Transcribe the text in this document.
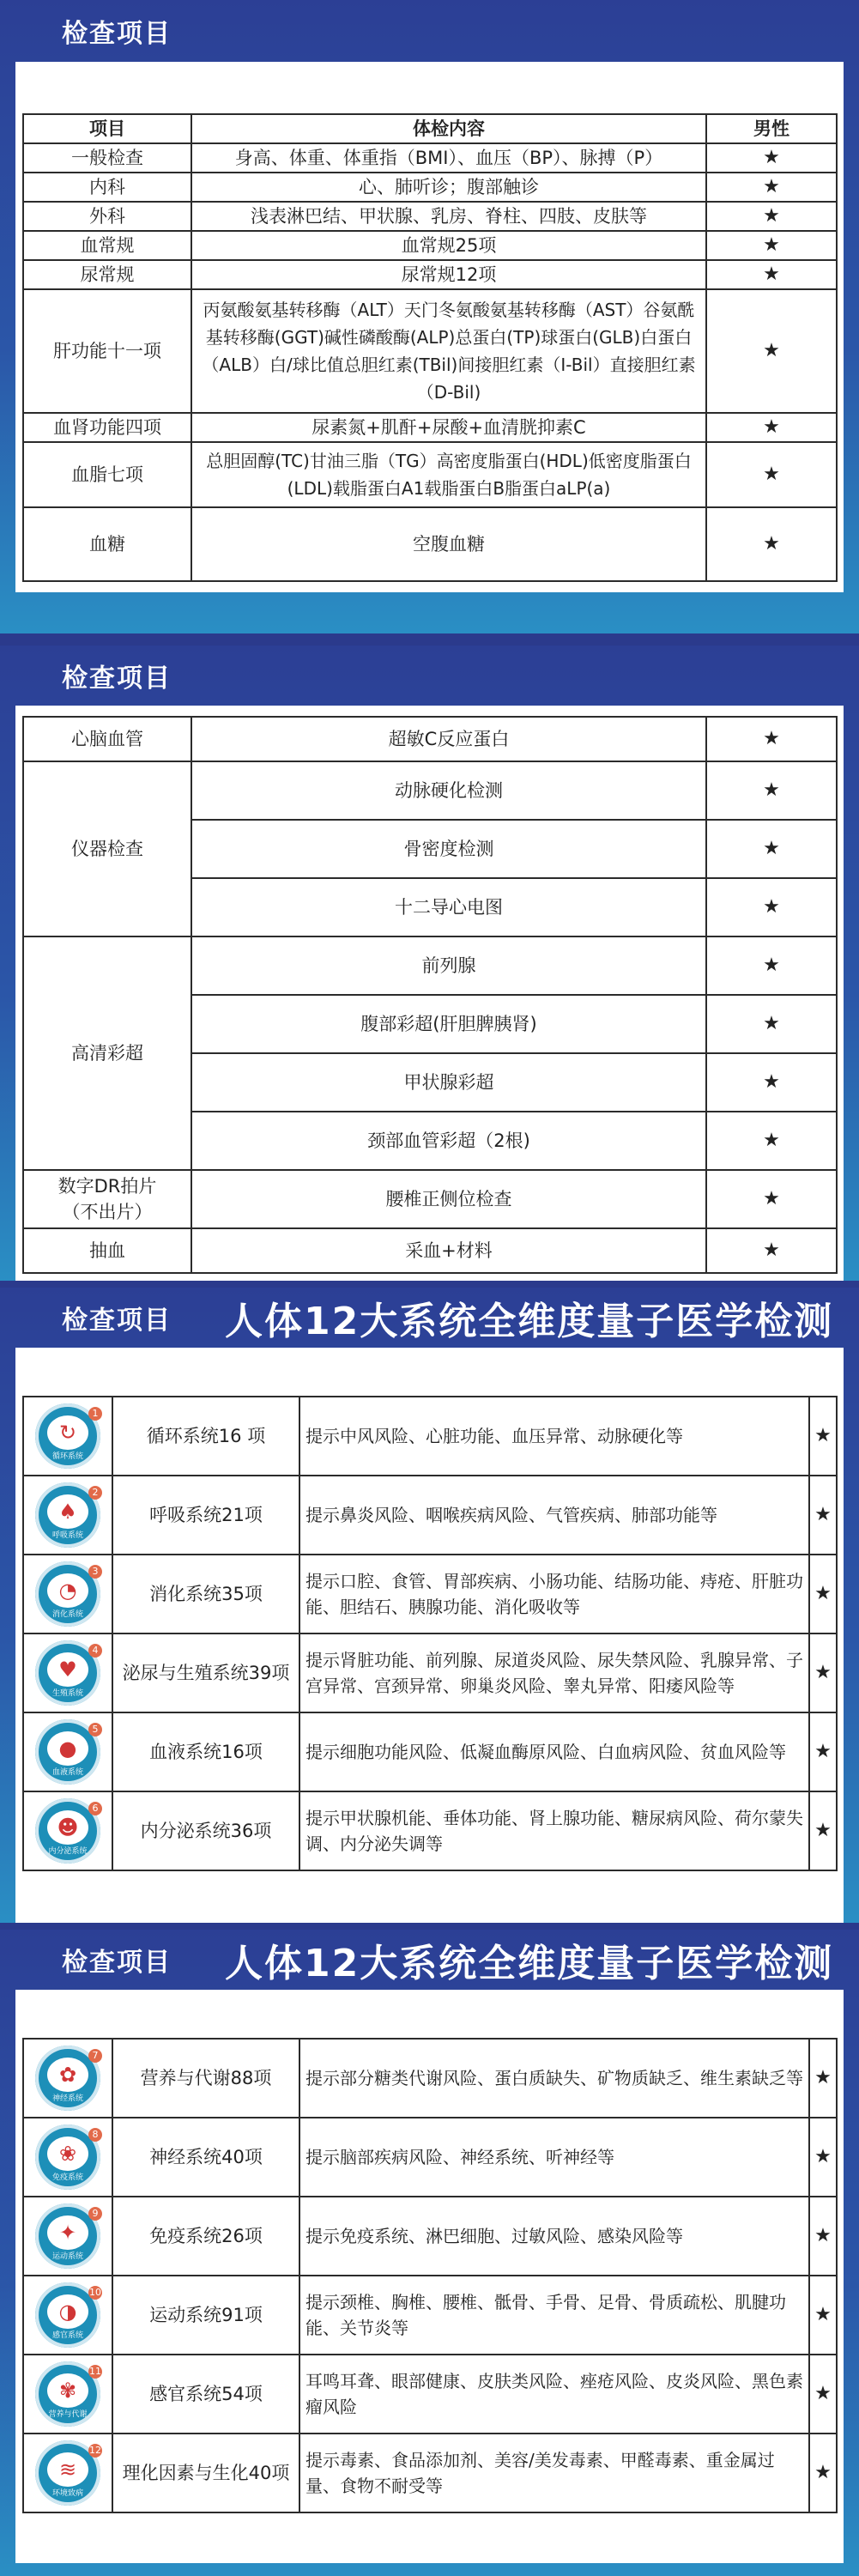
检查项目
项目	体检内容	男性
一般检查	身高、体重、体重指（BMI）、血压（BP）、脉搏（P）	★
内科	心、肺听诊；腹部触诊	★
外科	浅表淋巴结、甲状腺、乳房、脊柱、四肢、皮肤等	★
血常规	血常规25项	★
尿常规	尿常规12项	★
肝功能十一项	丙氨酸氨基转移酶（ALT）天门冬氨酸氨基转移酶（AST）谷氨酰基转移酶(GGT)碱性磷酸酶(ALP)总蛋白(TP)球蛋白(GLB)白蛋白（ALB）白/球比值总胆红素(TBil)间接胆红素（I-Bil）直接胆红素（D-Bil)	★
血肾功能四项	尿素氮+肌酐+尿酸+血清胱抑素C	★
血脂七项	总胆固醇(TC)甘油三脂（TG）高密度脂蛋白(HDL)低密度脂蛋白(LDL)载脂蛋白A1载脂蛋白B脂蛋白aLP(a)	★
血糖	空腹血糖	★
检查项目
心脑血管	超敏C反应蛋白	★
仪器检查	动脉硬化检测	★
	骨密度检测	★
	十二导心电图	★
高清彩超	前列腺	★
	腹部彩超(肝胆脾胰肾)	★
	甲状腺彩超	★
	颈部血管彩超（2根)	★

数字DR拍片
（不出片）	腰椎正侧位检查	★
抽血	采血+材料	★
检查项目 人体12大系统全维度量子医学检测
1
↻
循环系统	循环系统16 项	提示中风风险、心脏功能、血压异常、动脉硬化等	★

2
♠
呼吸系统	呼吸系统21项	提示鼻炎风险、咽喉疾病风险、气管疾病、肺部功能等	★

3
◔
消化系统	消化系统35项	提示口腔、食管、胃部疾病、小肠功能、结肠功能、痔疮、肝脏功能、胆结石、胰腺功能、消化吸收等	★

4
♥
生殖系统	泌尿与生殖系统39项	提示肾脏功能、前列腺、尿道炎风险、尿失禁风险、乳腺异常、子宫异常、宫颈异常、卵巢炎风险、睾丸异常、阳痿风险等	★

5
●
血液系统	血液系统16项	提示细胞功能风险、低凝血酶原风险、白血病风险、贫血风险等	★

6
☻
内分泌系统	内分泌系统36项	提示甲状腺机能、垂体功能、肾上腺功能、糖尿病风险、荷尔蒙失调、内分泌失调等	★
检查项目 人体12大系统全维度量子医学检测
7
✿
神经系统	营养与代谢88项	提示部分糖类代谢风险、蛋白质缺失、矿物质缺乏、维生素缺乏等	★

8
❀
免疫系统	神经系统40项	提示脑部疾病风险、神经系统、听神经等	★

9
✦
运动系统	免疫系统26项	提示免疫系统、淋巴细胞、过敏风险、感染风险等	★

10
◑
感官系统	运动系统91项	提示颈椎、胸椎、腰椎、骶骨、手骨、足骨、骨质疏松、肌腱功能、关节炎等	★

11
✾
营养与代谢	感官系统54项	耳鸣耳聋、眼部健康、皮肤类风险、痤疮风险、皮炎风险、黑色素瘤风险	★

12
≋
环境致病	理化因素与生化40项	提示毒素、食品添加剂、美容/美发毒素、甲醛毒素、重金属过量、食物不耐受等	★
